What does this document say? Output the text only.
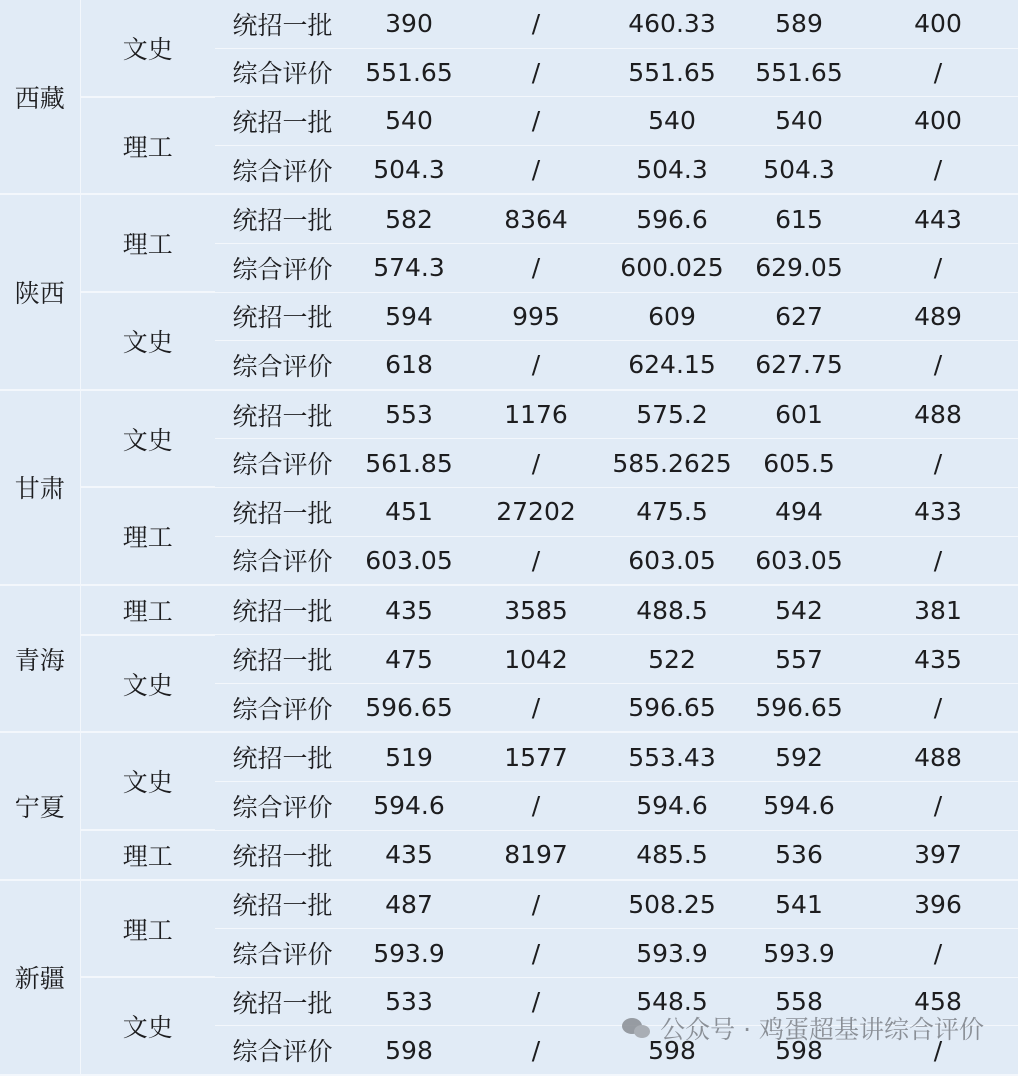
西藏	文史	统招一批	390	/	460.33	589	400
		综合评价	551.65	/	551.65	551.65	/
	理工	统招一批	540	/	540	540	400
		综合评价	504.3	/	504.3	504.3	/
陕西	理工	统招一批	582	8364	596.6	615	443
		综合评价	574.3	/	600.025	629.05	/
	文史	统招一批	594	995	609	627	489
		综合评价	618	/	624.15	627.75	/
甘肃	文史	统招一批	553	1176	575.2	601	488
		综合评价	561.85	/	585.2625	605.5	/
	理工	统招一批	451	27202	475.5	494	433
		综合评价	603.05	/	603.05	603.05	/
青海	理工	统招一批	435	3585	488.5	542	381
	文史	统招一批	475	1042	522	557	435
		综合评价	596.65	/	596.65	596.65	/
宁夏	文史	统招一批	519	1577	553.43	592	488
		综合评价	594.6	/	594.6	594.6	/
	理工	统招一批	435	8197	485.5	536	397
新疆	理工	统招一批	487	/	508.25	541	396
		综合评价	593.9	/	593.9	593.9	/
	文史	统招一批	533	/	548.5	558	458
		综合评价	598	/	598	598	/
公众号 · 鸡蛋超基讲综合评价
